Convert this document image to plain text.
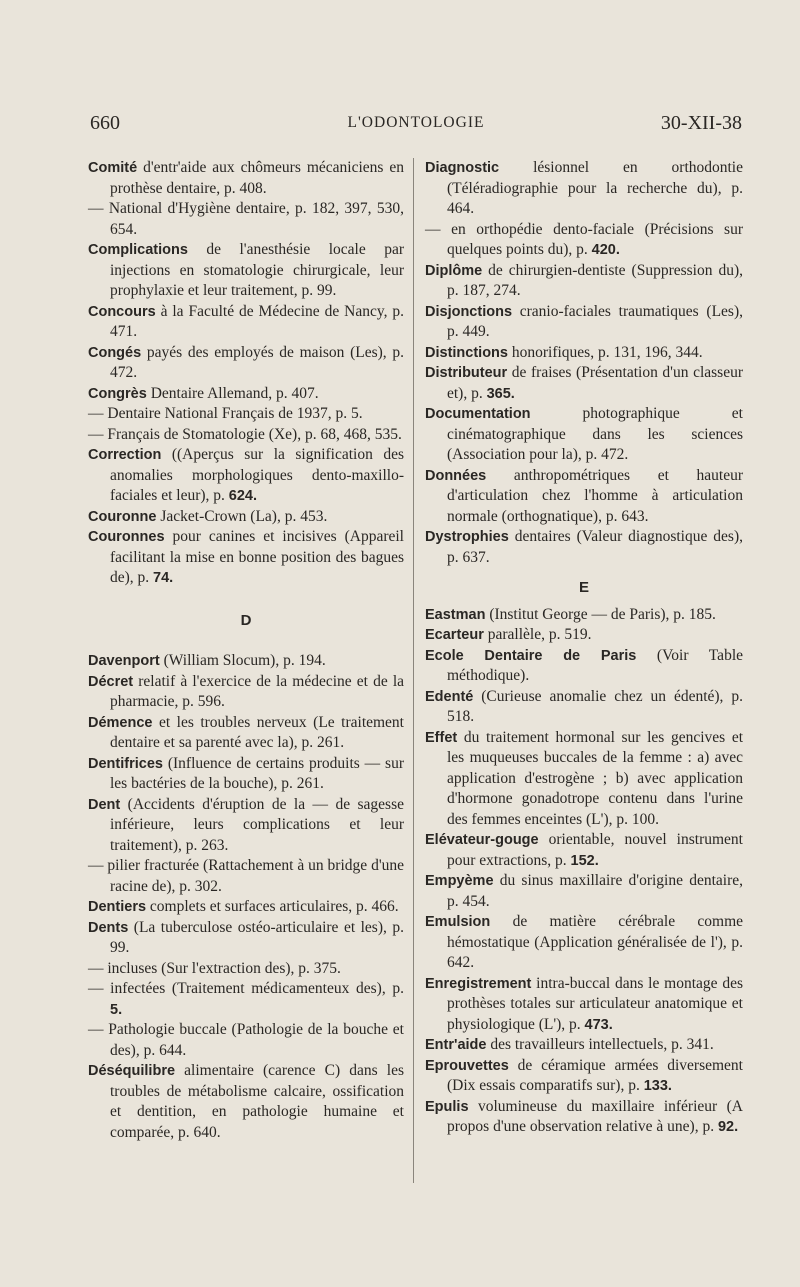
660	L'ODONTOLOGIE	30-XII-38

Comité d'entr'aide aux chômeurs mécaniciens en prothèse dentaire, p. 408.

— National d'Hygiène dentaire, p. 182, 397, 530, 654.

Complications de l'anesthésie locale par injections en stomatologie chirurgicale, leur prophylaxie et leur traitement, p. 99.

Concours à la Faculté de Médecine de Nancy, p. 471.

Congés payés des employés de maison (Les), p. 472.

Congrès Dentaire Allemand, p. 407.

— Dentaire National Français de 1937, p. 5.

— Français de Stomatologie (Xe), p. 68, 468, 535.

Correction ((Aperçus sur la signification des anomalies morphologiques dento-maxillo-faciales et leur), p. 624.

Couronne Jacket-Crown (La), p. 453.

Couronnes pour canines et incisives (Appareil facilitant la mise en bonne position des bagues de), p. 74.

D

Davenport (William Slocum), p. 194.

Décret relatif à l'exercice de la médecine et de la pharmacie, p. 596.

Démence et les troubles nerveux (Le traitement dentaire et sa parenté avec la), p. 261.

Dentifrices (Influence de certains produits — sur les bactéries de la bouche), p. 261.

Dent (Accidents d'éruption de la — de sagesse inférieure, leurs complications et leur traitement), p. 263.

— pilier fracturée (Rattachement à un bridge d'une racine de), p. 302.

Dentiers complets et surfaces articulaires, p. 466.

Dents (La tuberculose ostéo-articulaire et les), p. 99.

— incluses (Sur l'extraction des), p. 375.

— infectées (Traitement médicamenteux des), p. 5.

— Pathologie buccale (Pathologie de la bouche et des), p. 644.

Déséquilibre alimentaire (carence C) dans les troubles de métabolisme calcaire, ossification et dentition, en pathologie humaine et comparée, p. 640.

Diagnostic lésionnel en orthodontie (Téléradiographie pour la recherche du), p. 464.

— en orthopédie dento-faciale (Précisions sur quelques points du), p. 420.

Diplôme de chirurgien-dentiste (Suppression du), p. 187, 274.

Disjonctions cranio-faciales traumatiques (Les), p. 449.

Distinctions honorifiques, p. 131, 196, 344.

Distributeur de fraises (Présentation d'un classeur et), p. 365.

Documentation photographique et cinématographique dans les sciences (Association pour la), p. 472.

Données anthropométriques et hauteur d'articulation chez l'homme à articulation normale (orthognatique), p. 643.

Dystrophies dentaires (Valeur diagnostique des), p. 637.

E

Eastman (Institut George — de Paris), p. 185.

Ecarteur parallèle, p. 519.

Ecole Dentaire de Paris (Voir Table méthodique).

Edenté (Curieuse anomalie chez un édenté), p. 518.

Effet du traitement hormonal sur les gencives et les muqueuses buccales de la femme : a) avec application d'estrogène ; b) avec application d'hormone gonadotrope contenu dans l'urine des femmes enceintes (L'), p. 100.

Elévateur-gouge orientable, nouvel instrument pour extractions, p. 152.

Empyème du sinus maxillaire d'origine dentaire, p. 454.

Emulsion de matière cérébrale comme hémostatique (Application généralisée de l'), p. 642.

Enregistrement intra-buccal dans le montage des prothèses totales sur articulateur anatomique et physiologique (L'), p. 473.

Entr'aide des travailleurs intellectuels, p. 341.

Eprouvettes de céramique armées diversement (Dix essais comparatifs sur), p. 133.

Epulis volumineuse du maxillaire inférieur (A propos d'une observation relative à une), p. 92.
